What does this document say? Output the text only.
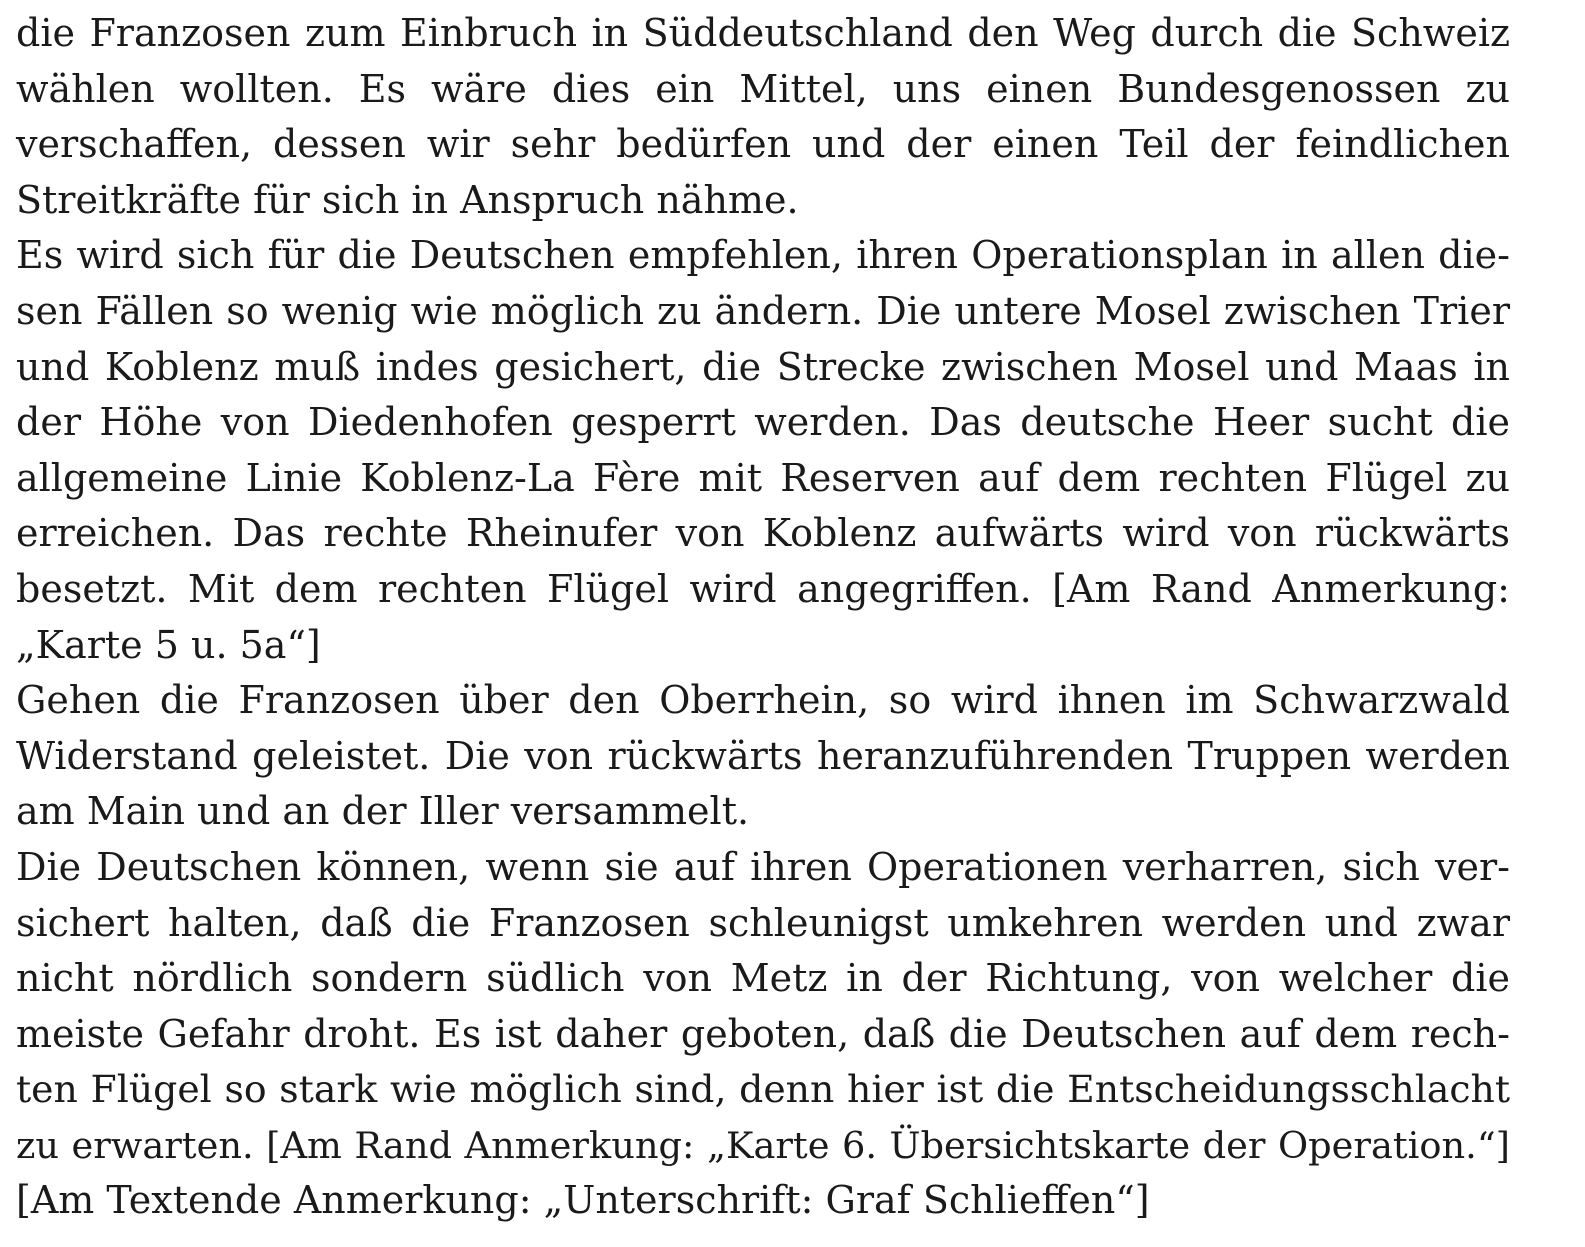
die Franzosen zum Einbruch in Süddeutschland den Weg durch die Schweiz
wählen wollten. Es wäre dies ein Mittel, uns einen Bundesgenossen zu
verschaffen, dessen wir sehr bedürfen und der einen Teil der feindlichen
Streitkräfte für sich in Anspruch nähme.
Es wird sich für die Deutschen empfehlen, ihren Operationsplan in allen die-
sen Fällen so wenig wie möglich zu ändern. Die untere Mosel zwischen Trier
und Koblenz muß indes gesichert, die Strecke zwischen Mosel und Maas in
der Höhe von Diedenhofen gesperrt werden. Das deutsche Heer sucht die
allgemeine Linie Koblenz-La Fère mit Reserven auf dem rechten Flügel zu
erreichen. Das rechte Rheinufer von Koblenz aufwärts wird von rückwärts
besetzt. Mit dem rechten Flügel wird angegriffen. [Am Rand Anmerkung:
„Karte 5 u. 5a“]
Gehen die Franzosen über den Oberrhein, so wird ihnen im Schwarzwald
Widerstand geleistet. Die von rückwärts heranzuführenden Truppen werden
am Main und an der Iller versammelt.
Die Deutschen können, wenn sie auf ihren Operationen verharren, sich ver-
sichert halten, daß die Franzosen schleunigst umkehren werden und zwar
nicht nördlich sondern südlich von Metz in der Richtung, von welcher die
meiste Gefahr droht. Es ist daher geboten, daß die Deutschen auf dem rech-
ten Flügel so stark wie möglich sind, denn hier ist die Entscheidungsschlacht
zu erwarten. [Am Rand Anmerkung: „Karte 6. Übersichtskarte der Operation.“]
[Am Textende Anmerkung: „Unterschrift: Graf Schlieffen“]
